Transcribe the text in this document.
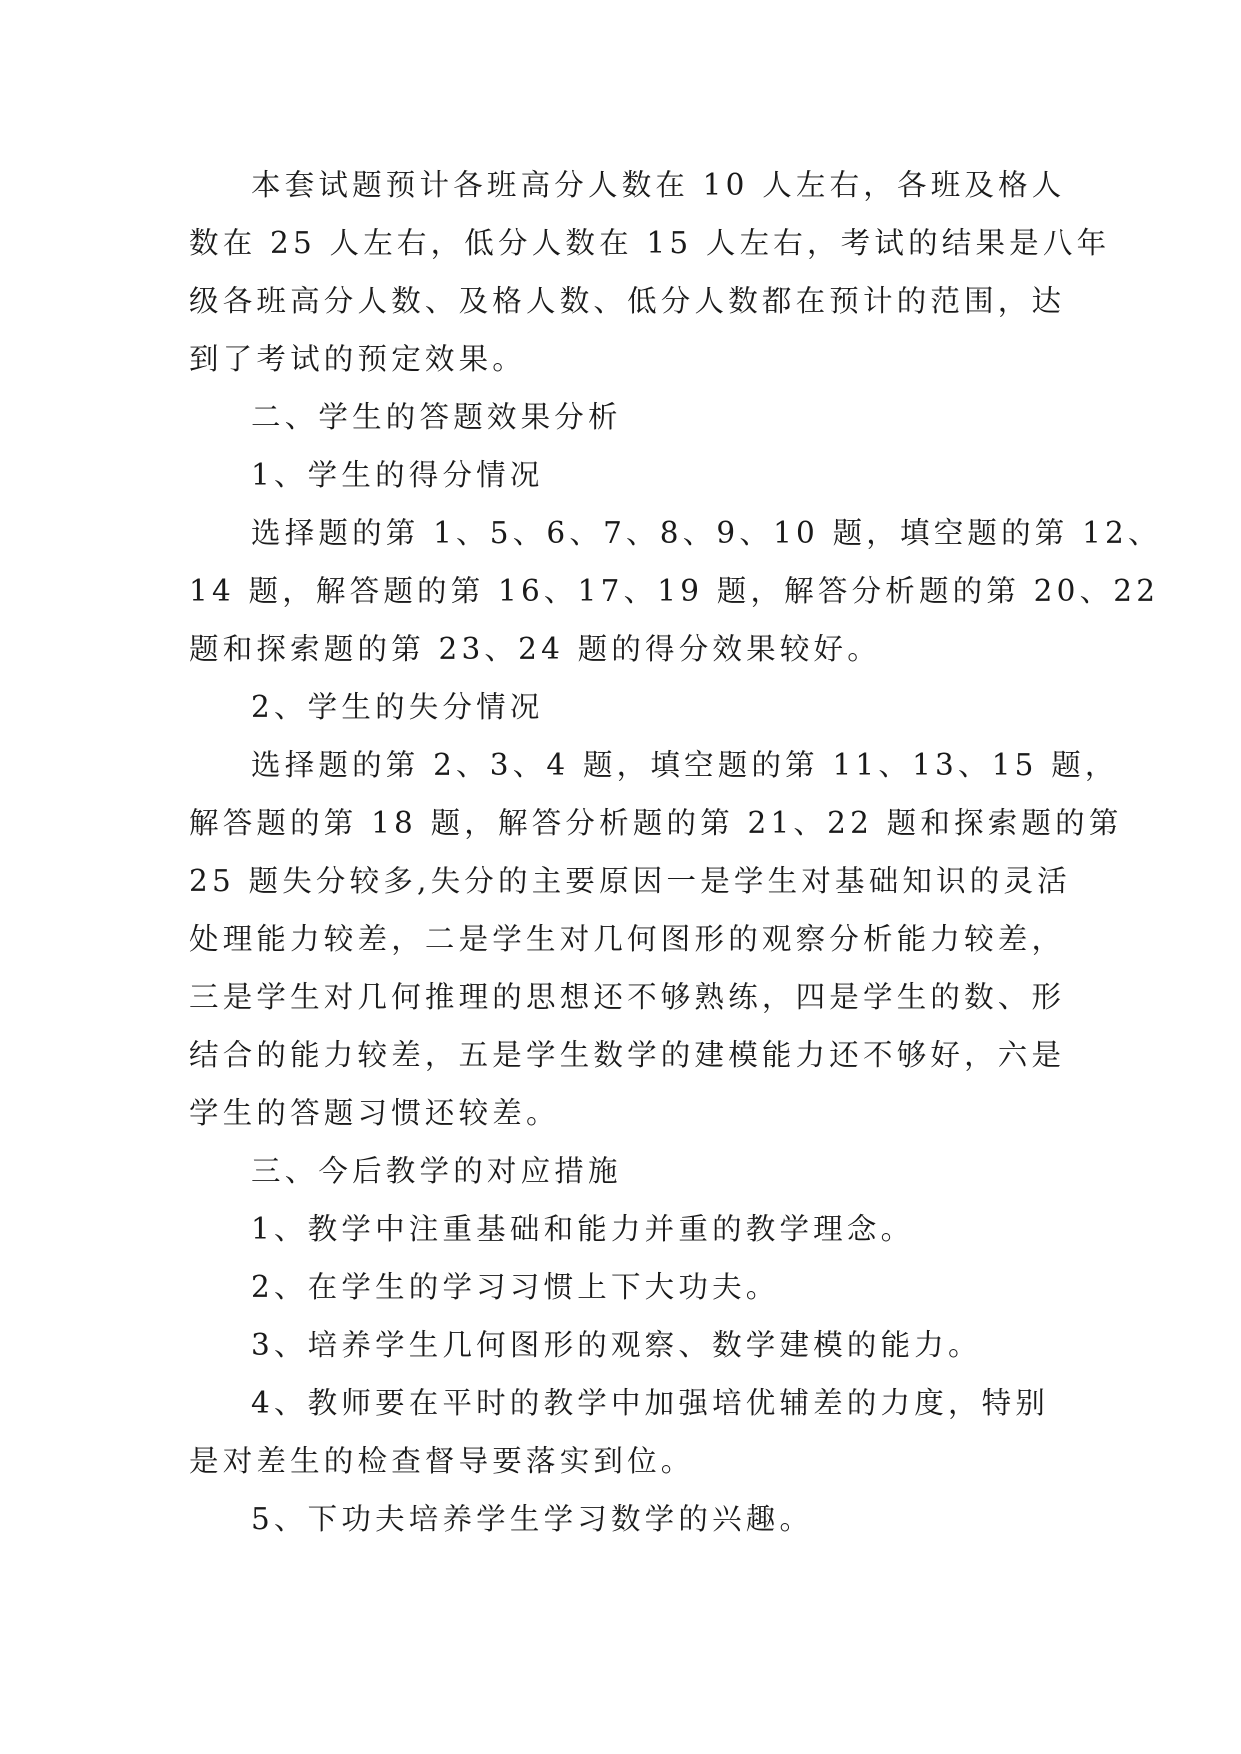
本套试题预计各班高分人数在 10 人左右，各班及格人
数在 25 人左右，低分人数在 15 人左右，考试的结果是八年
级各班高分人数、及格人数、低分人数都在预计的范围，达
到了考试的预定效果。
二、学生的答题效果分析
1、学生的得分情况
选择题的第 1、5、6、7、8、9、10 题，填空题的第 12、
14 题，解答题的第 16、17、19 题，解答分析题的第 20、22
题和探索题的第 23、24 题的得分效果较好。
2、学生的失分情况
选择题的第 2、3、4 题，填空题的第 11、13、15 题，
解答题的第 18 题，解答分析题的第 21、22 题和探索题的第
25 题失分较多,失分的主要原因一是学生对基础知识的灵活
处理能力较差，二是学生对几何图形的观察分析能力较差，
三是学生对几何推理的思想还不够熟练，四是学生的数、形
结合的能力较差，五是学生数学的建模能力还不够好，六是
学生的答题习惯还较差。
三、今后教学的对应措施
1、教学中注重基础和能力并重的教学理念。
2、在学生的学习习惯上下大功夫。
3、培养学生几何图形的观察、数学建模的能力。
4、教师要在平时的教学中加强培优辅差的力度，特别
是对差生的检查督导要落实到位。
5、下功夫培养学生学习数学的兴趣。
